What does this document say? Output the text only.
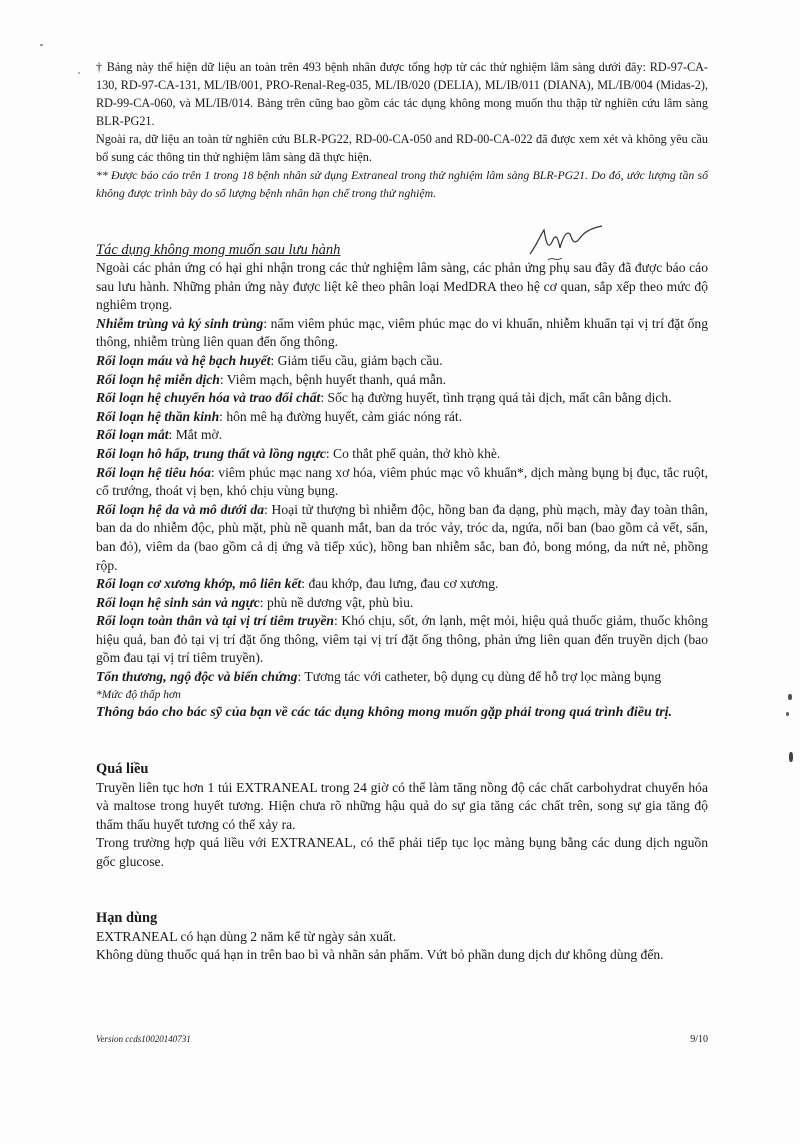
† Bảng này thể hiện dữ liệu an toàn trên 493 bệnh nhân được tổng hợp từ các thử nghiệm lâm sàng dưới đây: RD-97-CA-130, RD-97-CA-131, ML/IB/001, PRO-Renal-Reg-035, ML/IB/020 (DELIA), ML/IB/011 (DIANA), ML/IB/004 (Midas-2), RD-99-CA-060, và ML/IB/014. Bảng trên cũng bao gồm các tác dụng không mong muốn thu thập từ nghiên cứu lâm sàng BLR-PG21.

Ngoài ra, dữ liệu an toàn từ nghiên cứu BLR-PG22, RD-00-CA-050 and RD-00-CA-022 đã được xem xét và không yêu cầu bổ sung các thông tin thử nghiệm lâm sàng đã thực hiện.

** Được báo cáo trên 1 trong 18 bệnh nhân sử dụng Extraneal trong thử nghiệm lâm sàng BLR-PG21. Do đó, ước lượng tần số không được trình bày do số lượng bệnh nhân hạn chế trong thử nghiệm.

Tác dụng không mong muốn sau lưu hành

Ngoài các phản ứng có hại ghi nhận trong các thử nghiệm lâm sàng, các phản ứng phụ sau đây đã được báo cáo sau lưu hành. Những phản ứng này được liệt kê theo phân loại MedDRA theo hệ cơ quan, sắp xếp theo mức độ nghiêm trọng.

Nhiễm trùng và ký sinh trùng: nấm viêm phúc mạc, viêm phúc mạc do vi khuẩn, nhiễm khuẩn tại vị trí đặt ống thông, nhiễm trùng liên quan đến ống thông.

Rối loạn máu và hệ bạch huyết: Giảm tiểu cầu, giảm bạch cầu.

Rối loạn hệ miễn dịch: Viêm mạch, bệnh huyết thanh, quá mẫn.

Rối loạn hệ chuyển hóa và trao đổi chất: Sốc hạ đường huyết, tình trạng quá tải dịch, mất cân bằng dịch.

Rối loạn hệ thần kinh: hôn mê hạ đường huyết, cảm giác nóng rát.

Rối loạn mắt: Mắt mờ.

Rối loạn hô hấp, trung thất và lồng ngực: Co thắt phế quản, thở khò khè.

Rối loạn hệ tiêu hóa: viêm phúc mạc nang xơ hóa, viêm phúc mạc vô khuẩn*, dịch màng bụng bị đục, tắc ruột, cổ trướng, thoát vị bẹn, khó chịu vùng bụng.

Rối loạn hệ da và mô dưới da: Hoại tử thượng bì nhiễm độc, hồng ban đa dạng, phù mạch, mày đay toàn thân, ban da do nhiễm độc, phù mặt, phù nề quanh mắt, ban da tróc vảy, tróc da, ngứa, nổi ban (bao gồm cả vết, sẩn, ban đỏ), viêm da (bao gồm cả dị ứng và tiếp xúc), hồng ban nhiễm sắc, ban đỏ, bong móng, da nứt nẻ, phồng rộp.

Rối loạn cơ xương khớp, mô liên kết: đau khớp, đau lưng, đau cơ xương.

Rối loạn hệ sinh sản và ngực: phù nề dương vật, phù bìu.

Rối loạn toàn thân và tại vị trí tiêm truyền: Khó chịu, sốt, ớn lạnh, mệt mỏi, hiệu quả thuốc giảm, thuốc không hiệu quả, ban đỏ tại vị trí đặt ống thông, viêm tại vị trí đặt ống thông, phản ứng liên quan đến truyền dịch (bao gồm đau tại vị trí tiêm truyền).

Tổn thương, ngộ độc và biến chứng: Tương tác với catheter, bộ dụng cụ dùng để hỗ trợ lọc màng bụng

*Mức độ thấp hơn

Thông báo cho bác sỹ của bạn về các tác dụng không mong muốn gặp phải trong quá trình điều trị.

Quá liều

Truyền liên tục hơn 1 túi EXTRANEAL trong 24 giờ có thể làm tăng nồng độ các chất carbohydrat chuyển hóa và maltose trong huyết tương. Hiện chưa rõ những hậu quả do sự gia tăng các chất trên, song sự gia tăng độ thẩm thấu huyết tương có thể xảy ra.

Trong trường hợp quá liều với EXTRANEAL, có thể phải tiếp tục lọc màng bụng bằng các dung dịch nguồn gốc glucose.

Hạn dùng

EXTRANEAL có hạn dùng 2 năm kể từ ngày sản xuất.

Không dùng thuốc quá hạn in trên bao bì và nhãn sản phẩm. Vứt bỏ phần dung dịch dư không dùng đến.

Version ccds10020140731	9/10
